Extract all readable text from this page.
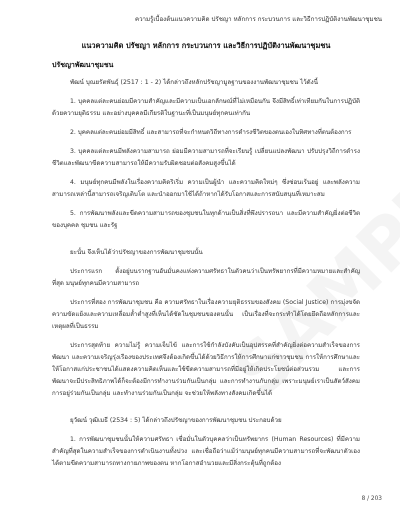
ความรู้เบื้องต้นแนวความคิด ปรัชญา หลักการ กระบวนการ และวิธีการปฏิบัติงานพัฒนาชุมชน
แนวความคิด ปรัชญา หลักการ กระบวนการ และวิธีการปฏิบัติงานพัฒนาชุมชน
ปรัชญาพัฒนาชุมชน

พัฒน์ บุณยรัตพันธุ์ (2517 : 1 - 2) ได้กล่าวถึงหลักปรัชญามูลฐานของงานพัฒนาชุมชน ไว้ดังนี้

1. บุคคลแต่ละคนย่อมมีความสำคัญและมีความเป็นเอกลักษณ์ที่ไม่เหมือนกัน จึงมีสิทธิ์เท่าเทียมกันในการปฏิบัติด้วยความยุติธรรม และอย่างบุคคลมีเกียรติในฐานะที่เป็นมนุษย์ทุกคนเท่ากัน

2. บุคคลแต่ละคนย่อมมีสิทธิ์ และสามารถที่จะกำหนดวิถีทางการดำรงชีวิตของตนเองในทิศทางที่ตนต้องการ

3. บุคคลแต่ละคนมีพลังความสามารถ ย่อมมีความสามารถที่จะเรียนรู้ เปลี่ยนแปลงพัฒนา ปรับปรุงวิถีการดำรงชีวิตและพัฒนาขีดความสามารถให้มีความรับผิดชอบต่อสังคมสูงขึ้นได้

4. มนุษย์ทุกคนมีพลังในเรื่องความคิดริเริ่ม ความเป็นผู้นำ และความคิดใหม่ๆ ซึ่งซ่อนเร้นอยู่ และพลังความสามารถเหล่านี้สามารถเจริญเติบโต และนำออกมาใช้ได้ถ้าหากได้รับโอกาสและการสนับสนุนที่เหมาะสม

5. การพัฒนาพลังและขีดความสามารถของชุมชนในทุกด้านเป็นสิ่งที่พึงปรารถนา และมีความสำคัญยิ่งต่อชีวิตของบุคคล ชุมชน และรัฐ

ยะนั้น จึงเห็นได้ว่าปรัชญาของการพัฒนาชุมชนนั้น

ประการแรก ตั้งอยู่บนรากฐานอันมั่นคงแห่งความศรัทธาในตัวคนว่าเป็นทรัพยากรที่มีความหมายและสำคัญที่สุด มนุษย์ทุกคนมีความสามารถ

ประการที่สอง การพัฒนาชุมชน คือ ความศรัทธาในเรื่องความยุติธรรมของสังคม (Social Justice) การมุ่งขจัดความขัดแย้งและความเหลื่อมล้ำต่ำสูงที่เห็นได้ชัดในชุมชนของตนนั้น เป็นเรื่องที่จะกระทำได้โดยยึดถือหลักการและเหตุผลที่เป็นธรรม

ประการสุดท้าย ความไม่รู้ ความเจ็บไข้ และการใช้กำลังบังคับเป็นอุปสรรคที่สำคัญยิ่งต่อความสำเร็จของการพัฒนา และความเจริญรุ่งเรืองของประเทศจึงต้องเกิดขึ้นได้ด้วยวิธีการให้การศึกษาแก่ชาวชุมชน การให้การศึกษาและให้โอกาสแก่ประชาชนได้แสดงความคิดเห็นและใช้ขีดความสามารถที่มีอยู่ให้เกิดประโยชน์ต่อส่วนรวม และการพัฒนาจะมีประสิทธิภาพได้ก็จะต้องมีการทำงานร่วมกันเป็นกลุ่ม และการทำงานกับกลุ่ม เพราะมนุษย์เราเป็นสัตว์สังคม การอยู่ร่วมกันเป็นกลุ่ม และทำงานร่วมกันเป็นกลุ่ม จะช่วยให้พลังทางสังคมเกิดขึ้นได้

ยุวัฒน์ วุฒิเมธี (2534 : 5) ได้กล่าวถึงปรัชญาของการพัฒนาชุมชน ประกอบด้วย

1. การพัฒนาชุมชนนั้นให้ความศรัทธา เชื่อมั่นในตัวบุคคลว่าเป็นทรัพยากร (Human Resources) ที่มีความสำคัญที่สุดในความสำเร็จของการดำเนินงานทั้งปวง และเชื่อถือว่าแม้ว่ามนุษย์ทุกคนมีความสามารถที่จะพัฒนาตัวเองได้ตามขีดความสามารถทางกายภาพของตน หากโอกาสอำนวยและมีสิ่งกระตุ้นที่ถูกต้อง

8 / 203
